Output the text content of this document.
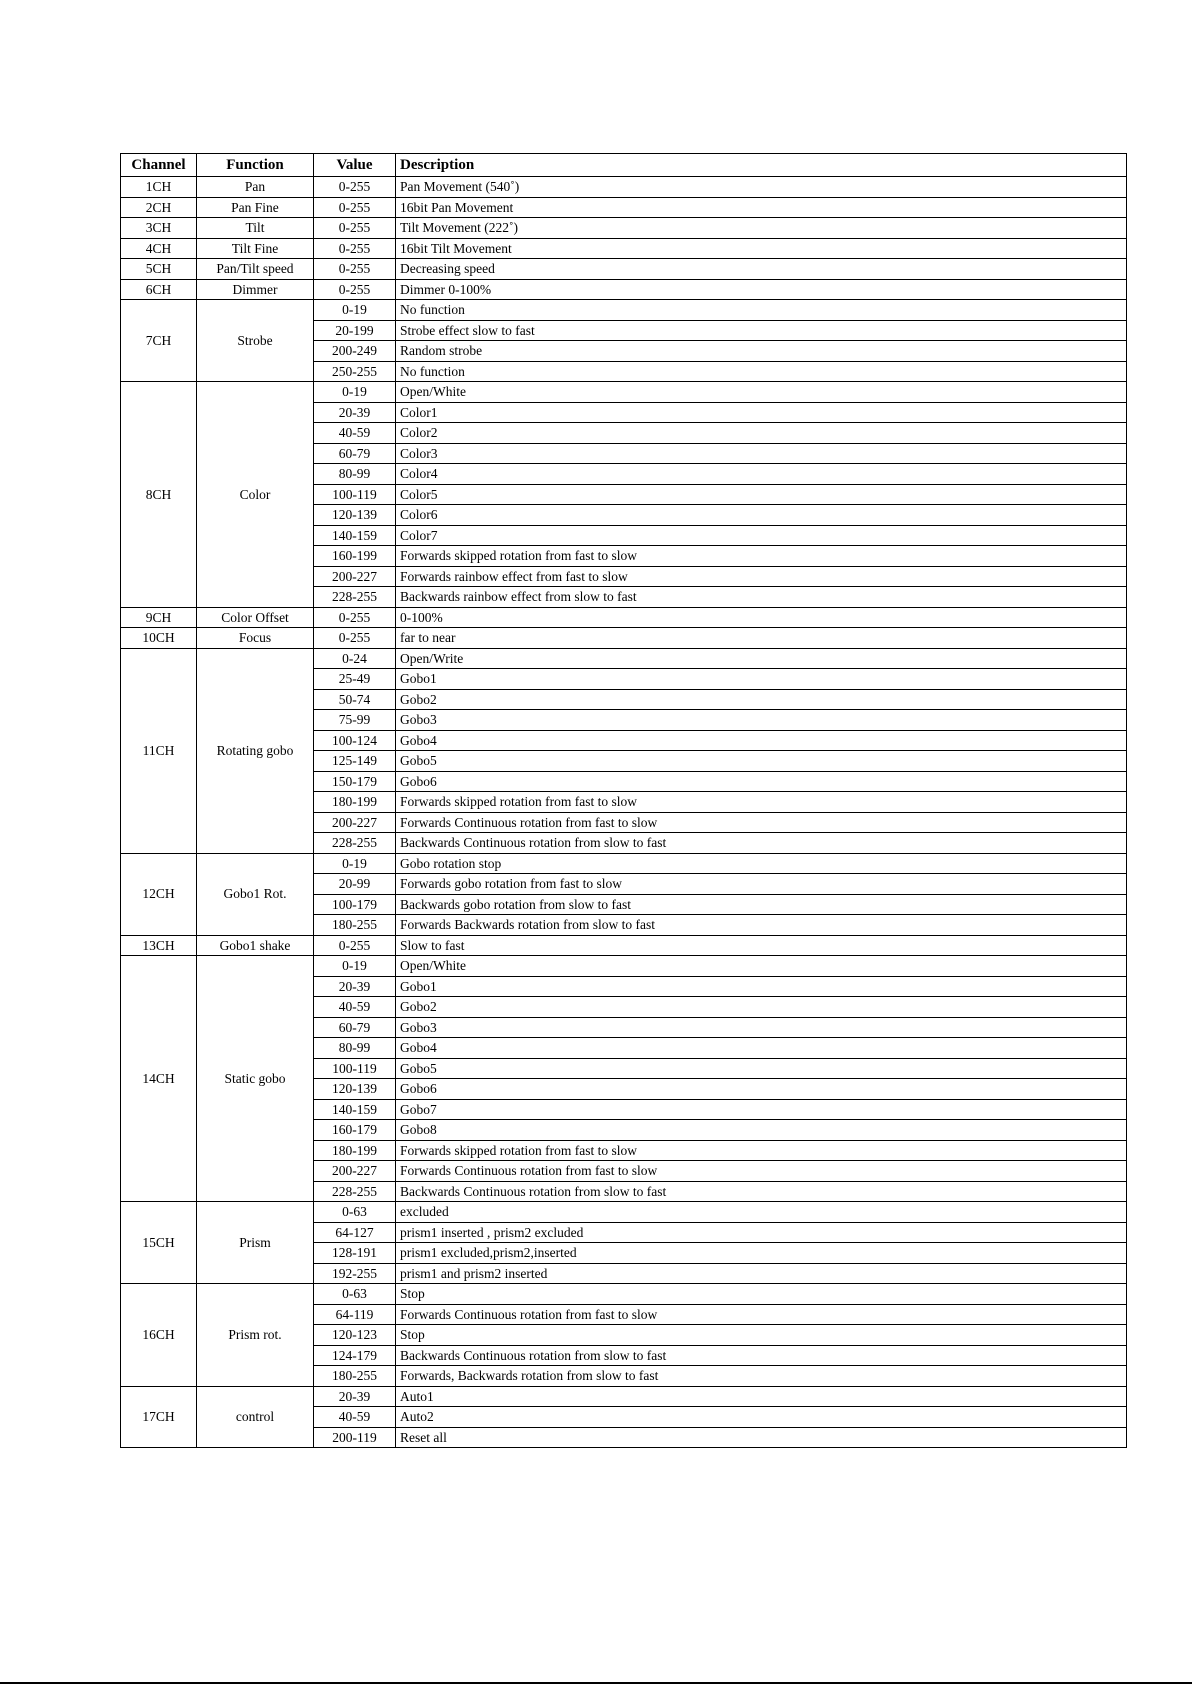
Channel	Function	Value	Description
1CH	Pan	0-255	Pan Movement (540˚)
2CH	Pan Fine	0-255	16bit Pan Movement
3CH	Tilt	0-255	Tilt Movement (222˚)
4CH	Tilt Fine	0-255	16bit Tilt Movement
5CH	Pan/Tilt speed	0-255	Decreasing speed
6CH	Dimmer	0-255	Dimmer 0-100%
7CH	Strobe	0-19	No function
		20-199	Strobe effect slow to fast
		200-249	Random strobe
		250-255	No function
8CH	Color	0-19	Open/White
		20-39	Color1
		40-59	Color2
		60-79	Color3
		80-99	Color4
		100-119	Color5
		120-139	Color6
		140-159	Color7
		160-199	Forwards skipped rotation from fast to slow
		200-227	Forwards rainbow effect from fast to slow
		228-255	Backwards rainbow effect from slow to fast
9CH	Color Offset	0-255	0-100%
10CH	Focus	0-255	far to near
11CH	Rotating gobo	0-24	Open/Write
		25-49	Gobo1
		50-74	Gobo2
		75-99	Gobo3
		100-124	Gobo4
		125-149	Gobo5
		150-179	Gobo6
		180-199	Forwards skipped rotation from fast to slow
		200-227	Forwards Continuous rotation from fast to slow
		228-255	Backwards Continuous rotation from slow to fast
12CH	Gobo1 Rot.	0-19	Gobo rotation stop
		20-99	Forwards gobo rotation from fast to slow
		100-179	Backwards gobo rotation from slow to fast
		180-255	Forwards Backwards rotation from slow to fast
13CH	Gobo1 shake	0-255	Slow to fast
14CH	Static gobo	0-19	Open/White
		20-39	Gobo1
		40-59	Gobo2
		60-79	Gobo3
		80-99	Gobo4
		100-119	Gobo5
		120-139	Gobo6
		140-159	Gobo7
		160-179	Gobo8
		180-199	Forwards skipped rotation from fast to slow
		200-227	Forwards Continuous rotation from fast to slow
		228-255	Backwards Continuous rotation from slow to fast
15CH	Prism	0-63	excluded
		64-127	prism1 inserted , prism2 excluded
		128-191	prism1 excluded,prism2,inserted
		192-255	prism1 and prism2 inserted
16CH	Prism rot.	0-63	Stop
		64-119	Forwards Continuous rotation from fast to slow
		120-123	Stop
		124-179	Backwards Continuous rotation from slow to fast
		180-255	Forwards, Backwards rotation from slow to fast
17CH	control	20-39	Auto1
		40-59	Auto2
		200-119	Reset all
